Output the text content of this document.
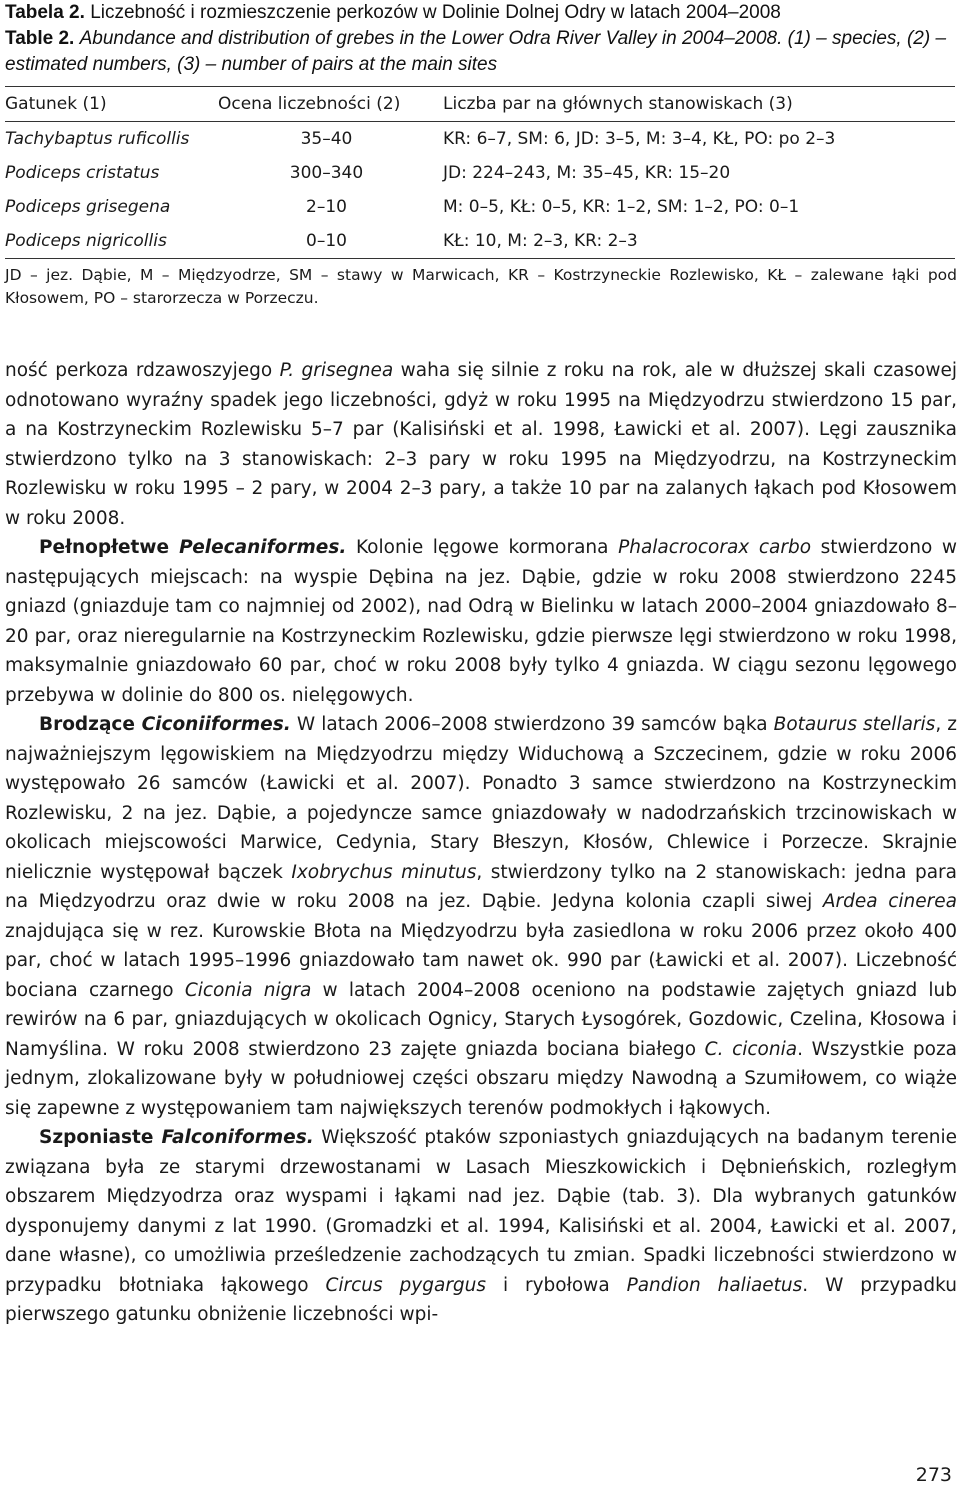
Tabela 2. Liczebność i rozmieszczenie perkozów w Dolinie Dolnej Odry w latach 2004–2008
Table 2. Abundance and distribution of grebes in the Lower Odra River Valley in 2004–2008. (1) – species, (2) – estimated numbers, (3) – number of pairs at the main sites
Gatunek (1)	Ocena liczebności (2)	Liczba par na głównych stanowiskach (3)
Tachybaptus ruficollis	35–40	KR: 6–7, SM: 6, JD: 3–5, M: 3–4, KŁ, PO: po 2–3
Podiceps cristatus	300–340	JD: 224–243, M: 35–45, KR: 15–20
Podiceps grisegena	2–10	M: 0–5, KŁ: 0–5, KR: 1–2, SM: 1–2, PO: 0–1
Podiceps nigricollis	0–10	KŁ: 10, M: 2–3, KR: 2–3
JD – jez. Dąbie, M – Międzyodrze, SM – stawy w Marwicach, KR – Kostrzyneckie Rozlewisko, KŁ – zalewane łąki pod Kłosowem, PO – starorzecza w Porzeczu.

ność perkoza rdzawoszyjego P. grisegnea waha się silnie z roku na rok, ale w dłuższej skali czasowej odnotowano wyraźny spadek jego liczebności, gdyż w roku 1995 na Międzyodrzu stwierdzono 15 par, a na Kostrzyneckim Rozlewisku 5–7 par (Kalisiński et al. 1998, Ławicki et al. 2007). Lęgi zausznika stwierdzono tylko na 3 stanowiskach: 2–3 pary w roku 1995 na Międzyodrzu, na Kostrzyneckim Rozlewisku w roku 1995 – 2 pary, w 2004 2–3 pary, a także 10 par na zalanych łąkach pod Kłosowem w roku 2008.

Pełnopłetwe Pelecaniformes. Kolonie lęgowe kormorana Phalacrocorax carbo stwierdzono w następujących miejscach: na wyspie Dębina na jez. Dąbie, gdzie w roku 2008 stwierdzono 2245 gniazd (gniazduje tam co najmniej od 2002), nad Odrą w Bielinku w latach 2000–2004 gniazdowało 8–20 par, oraz nieregularnie na Kostrzyneckim Rozlewisku, gdzie pierwsze lęgi stwierdzono w roku 1998, maksymalnie gniazdowało 60 par, choć w roku 2008 były tylko 4 gniazda. W ciągu sezonu lęgowego przebywa w dolinie do 800 os. nielęgowych.

Brodzące Ciconiiformes. W latach 2006–2008 stwierdzono 39 samców bąka Botaurus stellaris, z najważniejszym lęgowiskiem na Międzyodrzu między Widuchową a Szczecinem, gdzie w roku 2006 występowało 26 samców (Ławicki et al. 2007). Ponadto 3 samce stwierdzono na Kostrzyneckim Rozlewisku, 2 na jez. Dąbie, a pojedyncze samce gniazdowały w nadodrzańskich trzcinowiskach w okolicach miejscowości Marwice, Cedynia, Stary Błeszyn, Kłosów, Chlewice i Porzecze. Skrajnie nielicznie występował bączek Ixobrychus minutus, stwierdzony tylko na 2 stanowiskach: jedna para na Międzyodrzu oraz dwie w roku 2008 na jez. Dąbie. Jedyna kolonia czapli siwej Ardea cinerea znajdująca się w rez. Kurowskie Błota na Międzyodrzu była zasiedlona w roku 2006 przez około 400 par, choć w latach 1995–1996 gniazdowało tam nawet ok. 990 par (Ławicki et al. 2007). Liczebność bociana czarnego Ciconia nigra w latach 2004–2008 oceniono na podstawie zajętych gniazd lub rewirów na 6 par, gniazdujących w okolicach Ognicy, Starych Łysogórek, Gozdowic, Czelina, Kłosowa i Namyślina. W roku 2008 stwierdzono 23 zajęte gniazda bociana białego C. ciconia. Wszystkie poza jednym, zlokalizowane były w południowej części obszaru między Nawodną a Szumiłowem, co wiąże się zapewne z występowaniem tam największych terenów podmokłych i łąkowych.

Szponiaste Falconiformes. Większość ptaków szponiastych gniazdujących na badanym terenie związana była ze starymi drzewostanami w Lasach Mieszkowickich i Dębnieńskich, rozległym obszarem Międzyodrza oraz wyspami i łąkami nad jez. Dąbie (tab. 3). Dla wybranych gatunków dysponujemy danymi z lat 1990. (Gromadzki et al. 1994, Kalisiński et al. 2004, Ławicki et al. 2007, dane własne), co umożliwia prześledzenie zachodzących tu zmian. Spadki liczebności stwierdzono w przypadku błotniaka łąkowego Circus pygargus i rybołowa Pandion haliaetus. W przypadku pierwszego gatunku obniżenie liczebności wpi-

273
